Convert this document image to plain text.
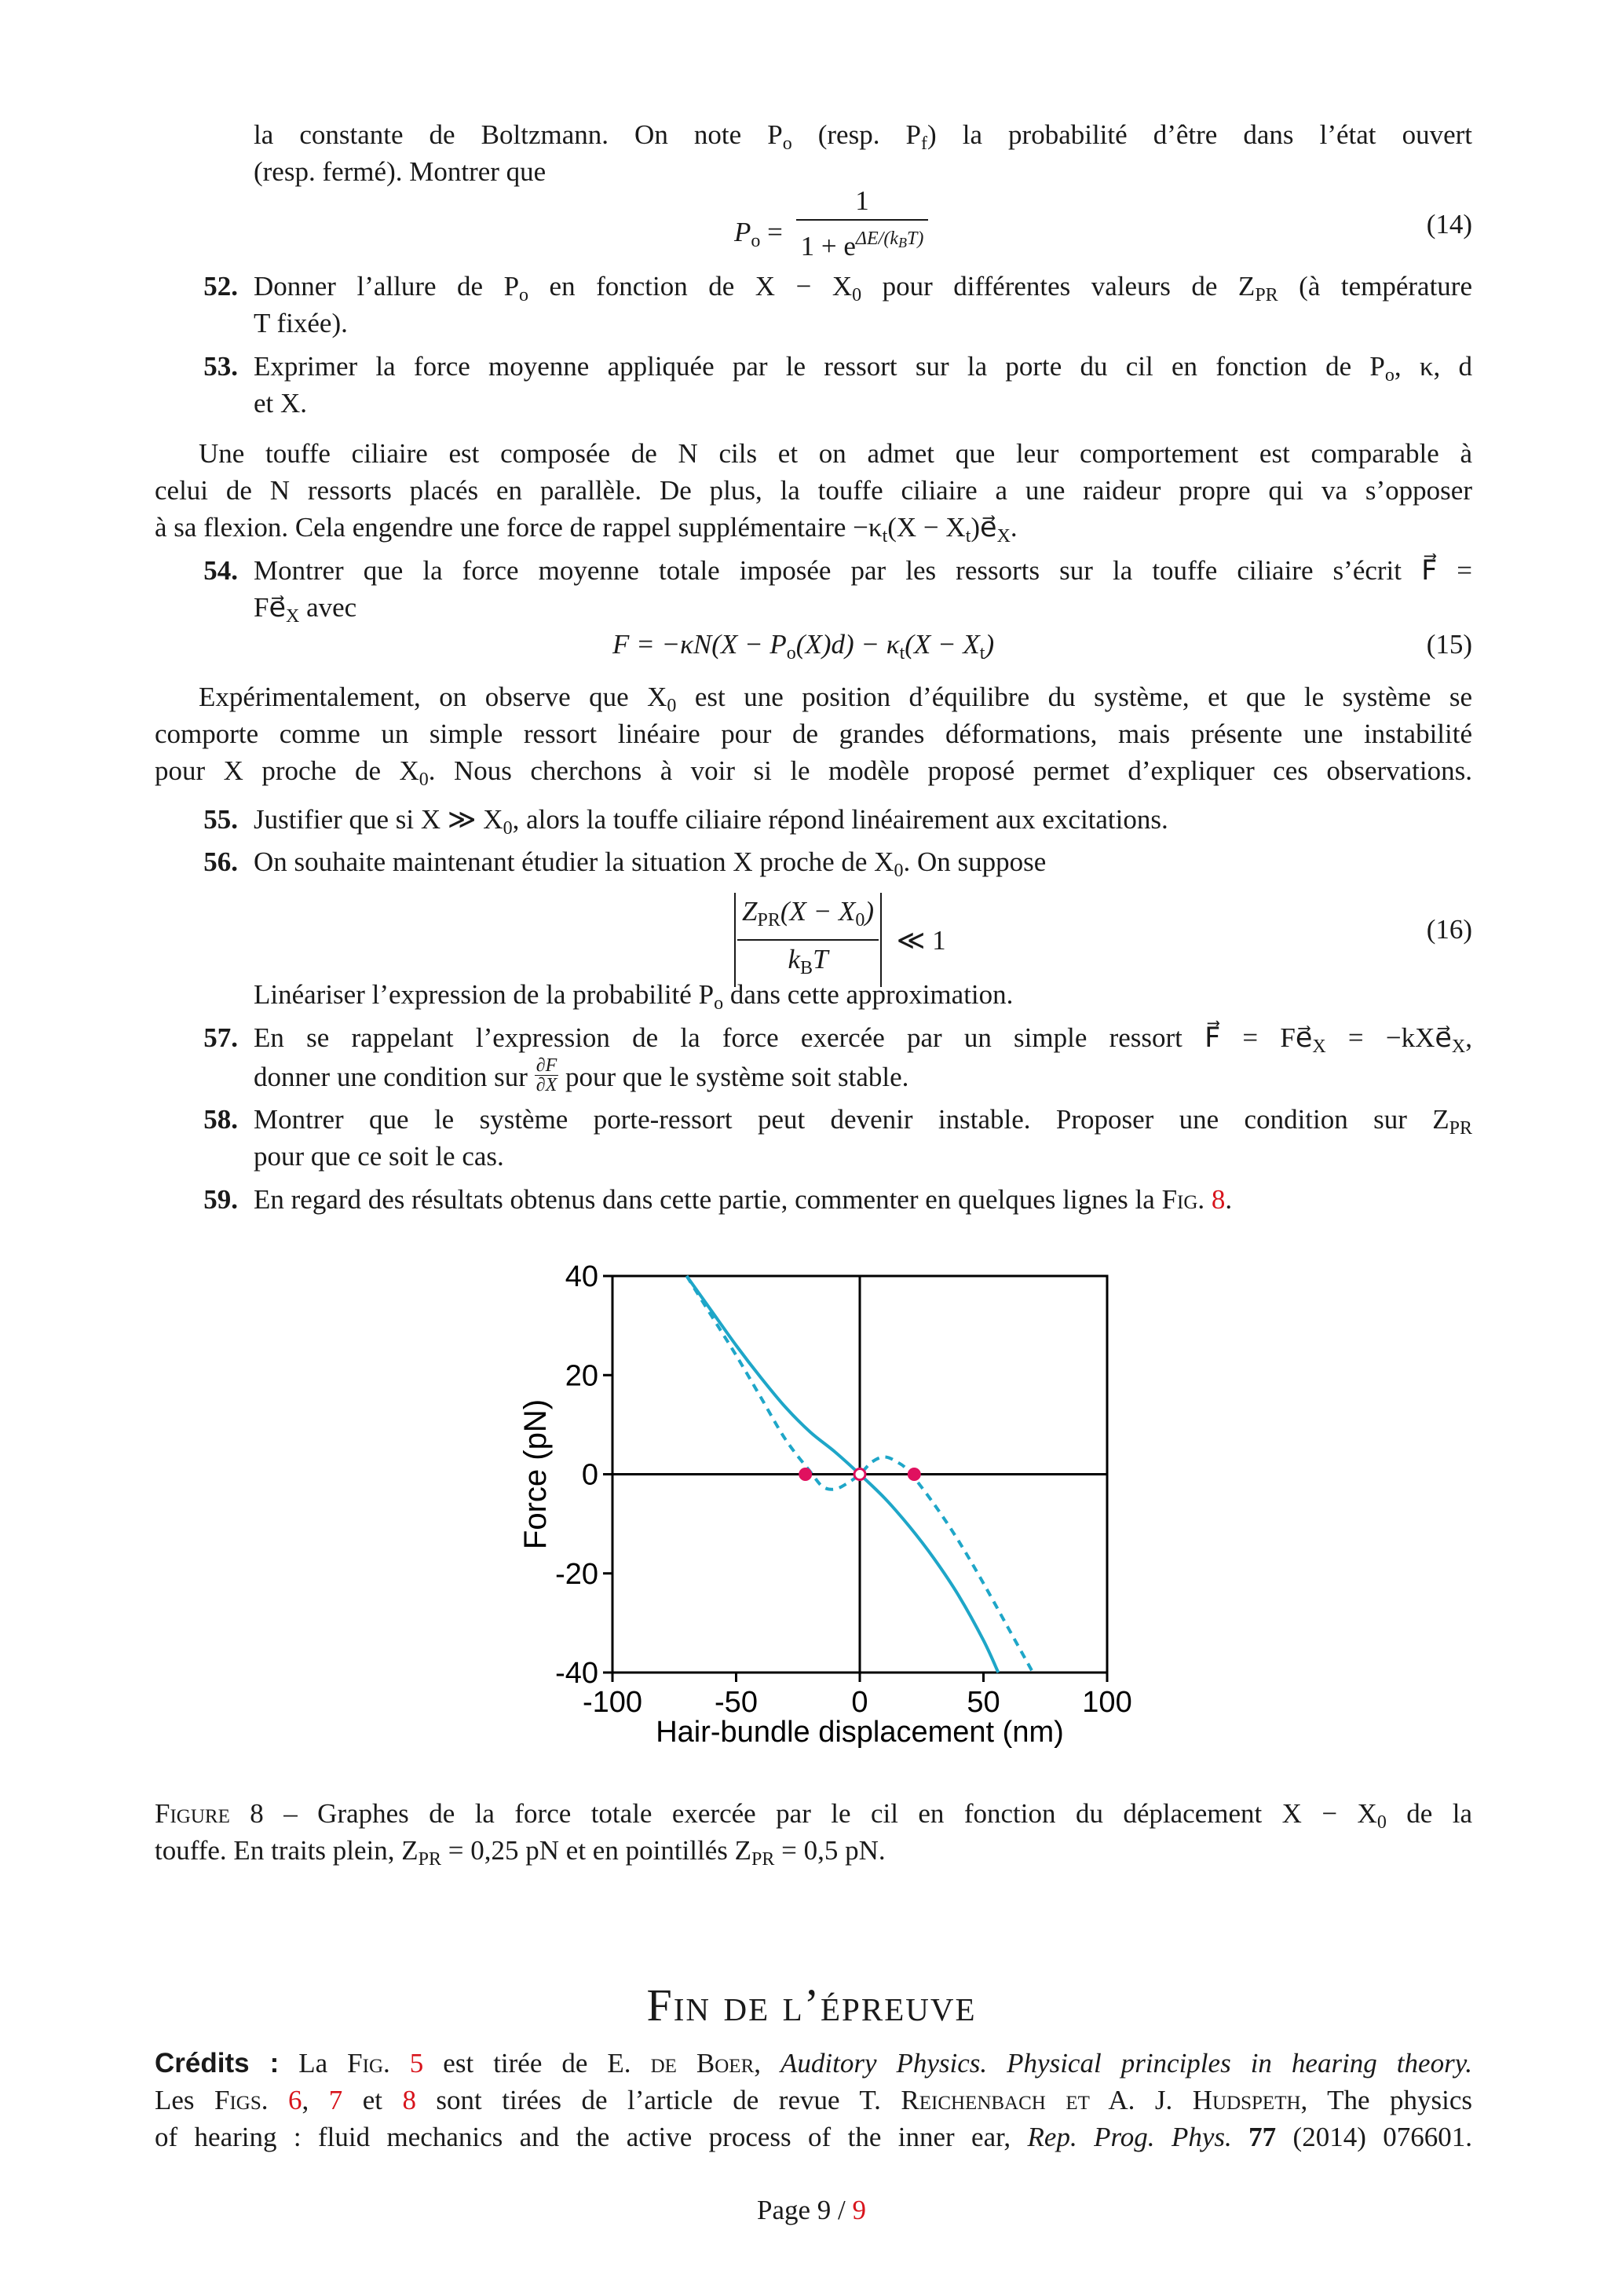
la constante de Boltzmann. On note $P_o$ (resp. $P_f$) la probabilité d’être dans l’état ouvert
(resp. fermé). Montrer que
$P_o = \frac{1}{1 + e^{\Delta E/(kBT)}}$	(14)
52. Donner l’allure de $P_o$ en fonction de $X - X_0$ pour différentes valeurs de $Z_{PR}$ (à température
T fixée).
53. Exprimer la force moyenne appliquée par le ressort sur la porte du cil en fonction de $P_o$, κ, d
et X.
Une touffe ciliaire est composée de N cils et on admet que leur comportement est comparable à
celui de N ressorts placés en parallèle. De plus, la touffe ciliaire a une raideur propre qui va s’opposer
à sa flexion. Cela engendre une force de rappel supplémentaire $-\kappa_t(X$ − $X_t)e⃗_X$.
54. Montrer que la force moyenne totale imposée par les ressorts sur la touffe ciliaire s’écrit F⃗ =
$Fe⃗_X$ avec
$F = -\kappa N(X - P_o(X)d) - \kappa_t(X - X_t)$	(15)
Expérimentalement, on observe que $X_0$ est une position d’équilibre du système, et que le système se
comporte comme un simple ressort linéaire pour de grandes déformations, mais présente une instabilité
pour X proche de $X_0$. Nous cherchons à voir si le modèle proposé permet d’expliquer ces observations.
55. Justifier que si X ≫ $X_0$, alors la touffe ciliaire répond linéairement aux excitations.
56. On souhaite maintenant étudier la situation X proche de $X_0$. On suppose
$\frac{Z_{PR}(X - X_0)}{k_BT}$ ≪ 1	(16)
Linéariser l’expression de la probabilité $P_o$ dans cette approximation.
57. En se rappelant l’expression de la force exercée par un simple ressort F⃗ = $Fe⃗_X$ = $-kXe⃗_X$,
donner une condition sur $\frac{\partial F}{\partial X}$ pour que le système soit stable.
58. Montrer que le système porte-ressort peut devenir instable. Proposer une condition sur $Z_{PR}$
pour que ce soit le cas.
59. En regard des résultats obtenus dans cette partie, commenter en quelques lignes la Fig. 8.
40
20
0
-20
-40
-100 -50	0	50	100
Hair-bundle displacement (nm)
Force (pN)
Figure 8 – Graphes de la force totale exercée par le cil en fonction du déplacement $X - X_0$ de la
touffe. En traits plein, $Z_{PR} = 0,25$ pN et en pointillés $Z_{PR} = 0,5$ pN.
Fin de l’épreuve
Crédits : La Fig. 5 est tirée de E. de Boer, Auditory Physics. Physical principles in hearing theory.
Les Figs. 6, 7 et 8 sont tirées de l’article de revue T. Reichenbach et A. J. Hudspeth, The physics
of hearing : fluid mechanics and the active process of the inner ear, Rep. Prog. Phys. 77 (2014) 076601.
Page 9 / 9
